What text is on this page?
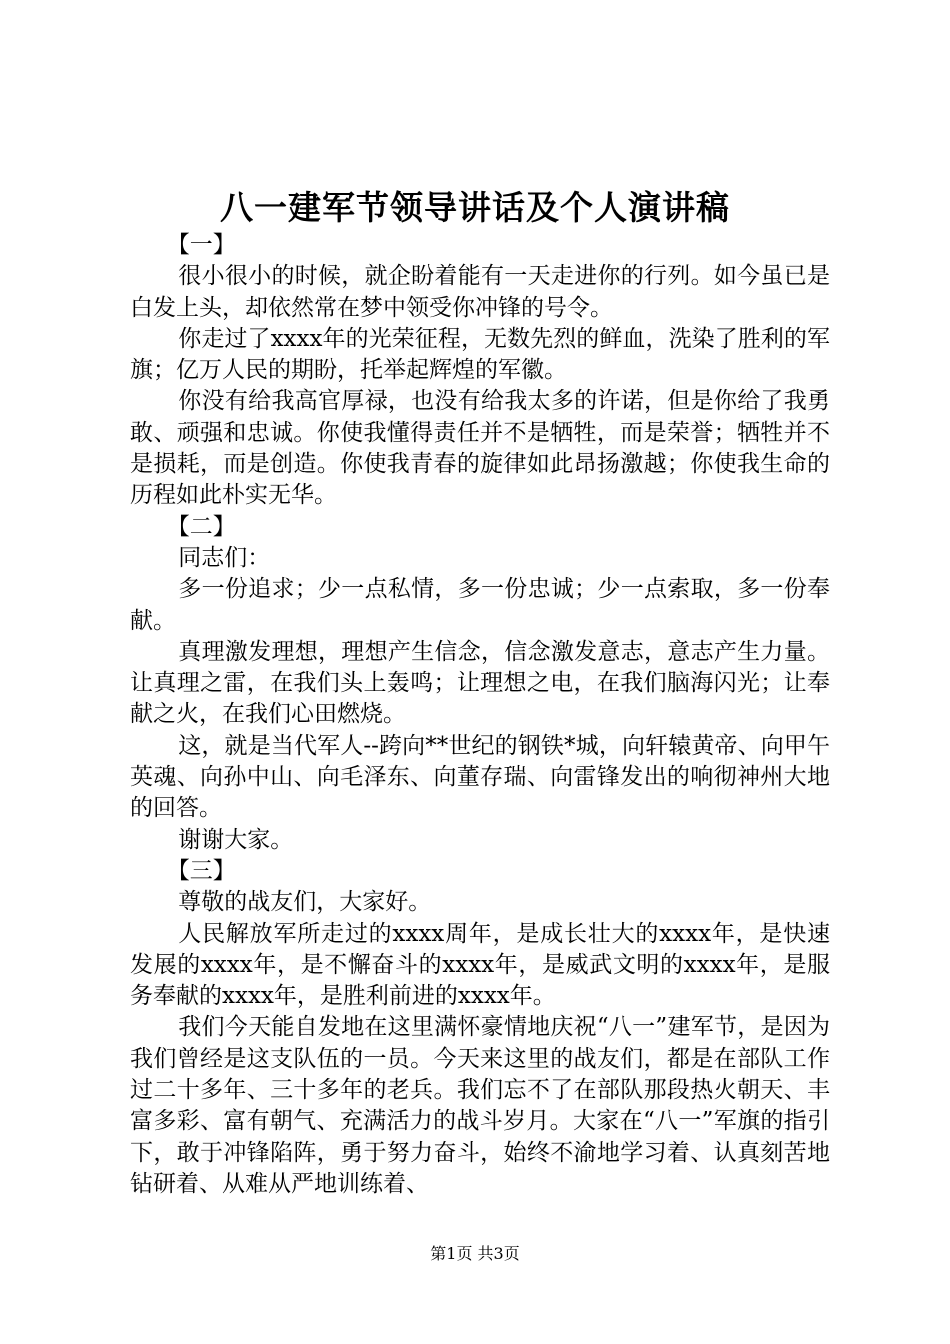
八一建军节领导讲话及个人演讲稿

【一】

很小很小的时候，就企盼着能有一天走进你的行列。如今虽已是白发上头，却依然常在梦中领受你冲锋的号令。

你走过了xxxx年的光荣征程，无数先烈的鲜血，洗染了胜利的军旗；亿万人民的期盼，托举起辉煌的军徽。

你没有给我高官厚禄，也没有给我太多的许诺，但是你给了我勇敢、顽强和忠诚。你使我懂得责任并不是牺牲，而是荣誉；牺牲并不是损耗，而是创造。你使我青春的旋律如此昂扬激越；你使我生命的历程如此朴实无华。

【二】

同志们：

多一份追求；少一点私情，多一份忠诚；少一点索取，多一份奉献。

真理激发理想，理想产生信念，信念激发意志，意志产生力量。让真理之雷，在我们头上轰鸣；让理想之电，在我们脑海闪光；让奉献之火，在我们心田燃烧。

这，就是当代军人--跨向**世纪的钢铁*城，向轩辕黄帝、向甲午英魂、向孙中山、向毛泽东、向董存瑞、向雷锋发出的响彻神州大地的回答。

谢谢大家。

【三】

尊敬的战友们，大家好。

人民解放军所走过的xxxx周年，是成长壮大的xxxx年，是快速发展的xxxx年，是不懈奋斗的xxxx年，是威武文明的xxxx年，是服务奉献的xxxx年，是胜利前进的xxxx年。

我们今天能自发地在这里满怀豪情地庆祝“八一”建军节，是因为我们曾经是这支队伍的一员。今天来这里的战友们，都是在部队工作过二十多年、三十多年的老兵。我们忘不了在部队那段热火朝天、丰富多彩、富有朝气、充满活力的战斗岁月。大家在“八一”军旗的指引下，敢于冲锋陷阵，勇于努力奋斗，始终不渝地学习着、认真刻苦地钻研着、从难从严地训练着、

第1页 共3页
